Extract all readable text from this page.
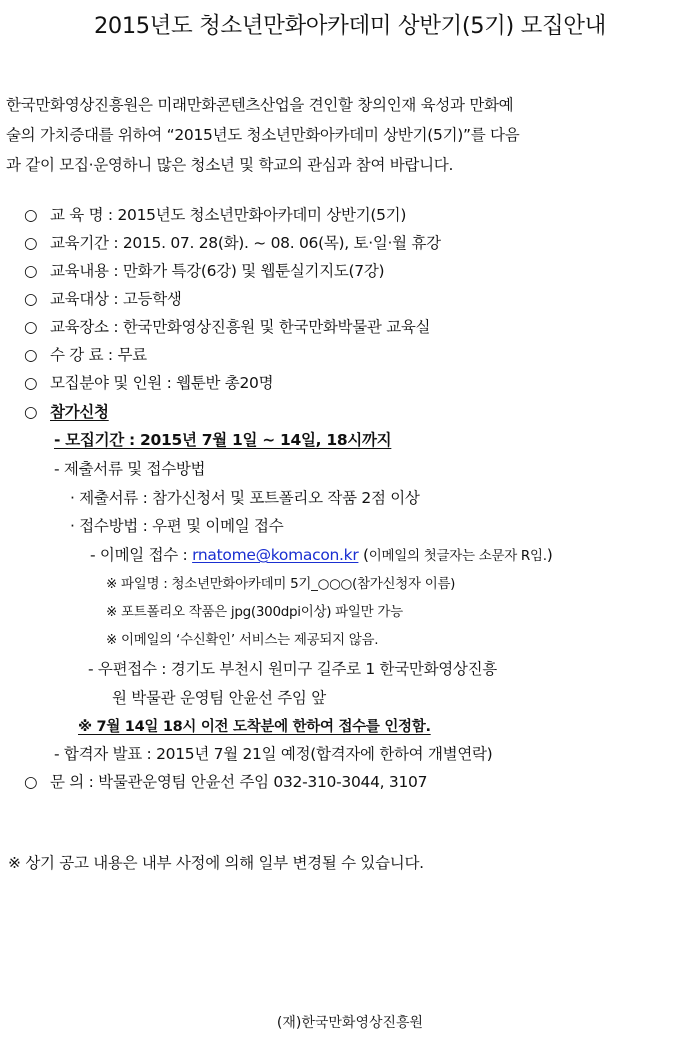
2015년도 청소년만화아카데미 상반기(5기) 모집안내
한국만화영상진흥원은 미래만화콘텐츠산업을 견인할 창의인재 육성과 만화예
술의 가치증대를 위하여 “2015년도 청소년만화아카데미 상반기(5기)”를 다음
과 같이 모집·운영하니 많은 청소년 및 학교의 관심과 참여 바랍니다.
○ 교 육 명 : 2015년도 청소년만화아카데미 상반기(5기)
○ 교육기간 : 2015. 07. 28(화). ~ 08. 06(목), 토·일·월 휴강
○ 교육내용 : 만화가 특강(6강) 및 웹툰실기지도(7강)
○ 교육대상 : 고등학생
○ 교육장소 : 한국만화영상진흥원 및 한국만화박물관 교육실
○ 수 강 료 : 무료
○ 모집분야 및 인원 : 웹툰반 총20명
○ 참가신청
- 모집기간 : 2015년 7월 1일 ~ 14일, 18시까지
- 제출서류 및 접수방법
· 제출서류 : 참가신청서 및 포트폴리오 작품 2점 이상
· 접수방법 : 우편 및 이메일 접수
- 이메일 접수 : rnatome@komacon.kr (이메일의 첫글자는 소문자 R임.)
※ 파일명 : 청소년만화아카데미 5기_○○○(참가신청자 이름)
※ 포트폴리오 작품은 jpg(300dpi이상) 파일만 가능
※ 이메일의 ‘수신확인’ 서비스는 제공되지 않음.
- 우편접수 : 경기도 부천시 원미구 길주로 1 한국만화영상진흥
원 박물관 운영팀 안윤선 주임 앞
※ 7월 14일 18시 이전 도착분에 한하여 접수를 인정함.
- 합격자 발표 : 2015년 7월 21일 예정(합격자에 한하여 개별연락)
○ 문 의 : 박물관운영팀 안윤선 주임 032-310-3044, 3107
※ 상기 공고 내용은 내부 사정에 의해 일부 변경될 수 있습니다.
(재)한국만화영상진흥원
